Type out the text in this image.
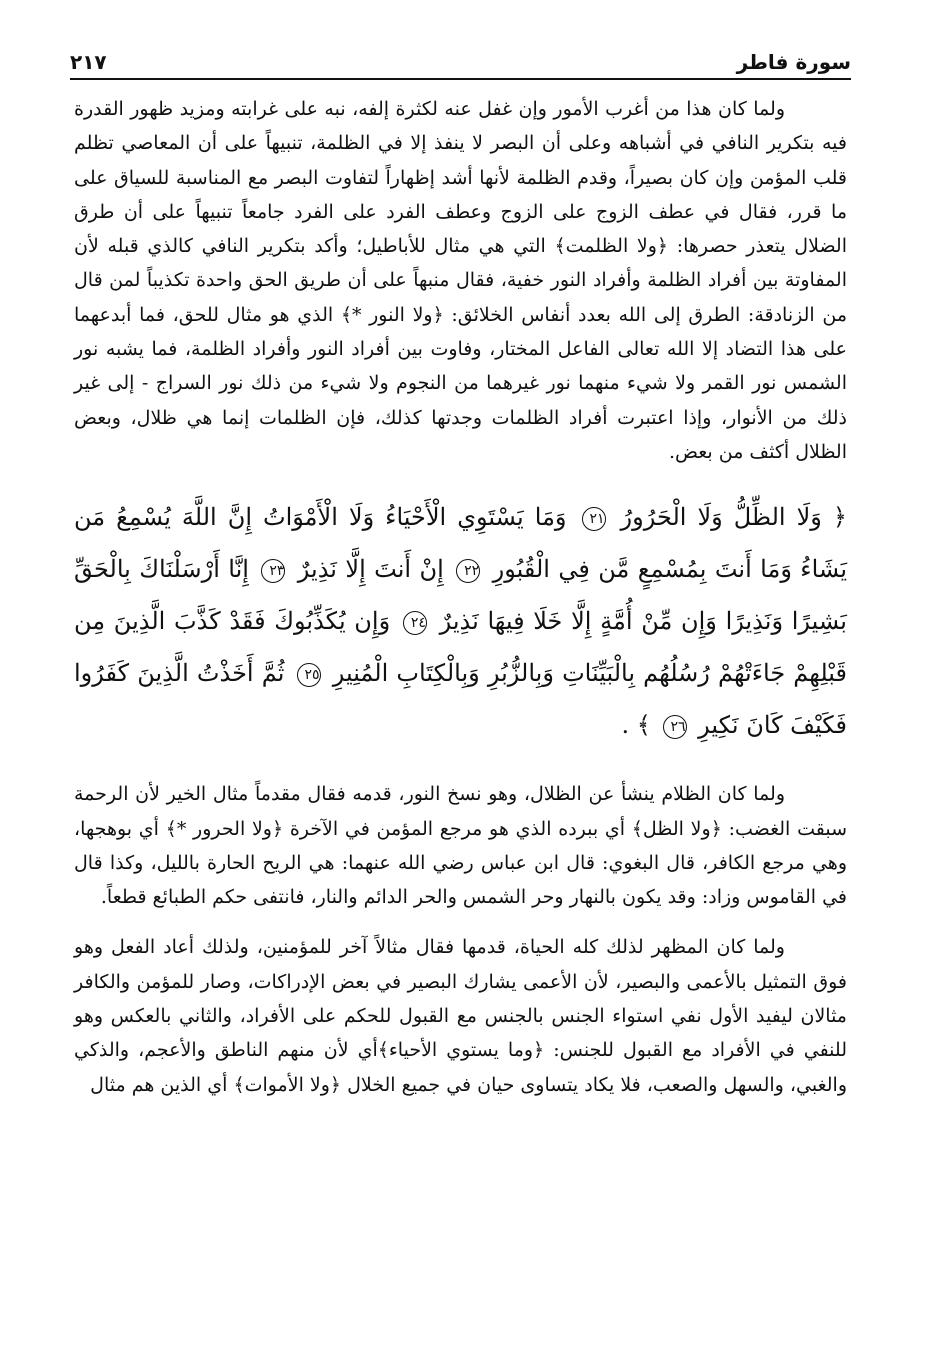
سورة فاطر
٢١٧

ولما كان هذا من أغرب الأمور وإن غفل عنه لكثرة إلفه، نبه على غرابته ومزيد ظهور القدرة فيه بتكرير النافي في أشباهه وعلى أن البصر لا ينفذ إلا في الظلمة، تنبيهاً على أن المعاصي تظلم قلب المؤمن وإن كان بصيراً، وقدم الظلمة لأنها أشد إظهاراً لتفاوت البصر مع المناسبة للسياق على ما قرر، فقال في عطف الزوج على الزوج وعطف الفرد على الفرد جامعاً تنبيهاً على أن طرق الضلال يتعذر حصرها: ﴿ولا الظلمت﴾ التي هي مثال للأباطيل؛ وأكد بتكرير النافي كالذي قبله لأن المفاوتة بين أفراد الظلمة وأفراد النور خفية، فقال منبهاً على أن طريق الحق واحدة تكذيباً لمن قال من الزنادقة: الطرق إلى الله بعدد أنفاس الخلائق: ﴿ولا النور *﴾ الذي هو مثال للحق، فما أبدعهما على هذا التضاد إلا الله تعالى الفاعل المختار، وفاوت بين أفراد النور وأفراد الظلمة، فما يشبه نور الشمس نور القمر ولا شيء منهما نور غيرهما من النجوم ولا شيء من ذلك نور السراج - إلى غير ذلك من الأنوار، وإذا اعتبرت أفراد الظلمات وجدتها كذلك، فإن الظلمات إنما هي ظلال، وبعض الظلال أكثف من بعض.

﴿ وَلَا الظِّلُّ وَلَا الْحَرُورُ ٢١ وَمَا يَسْتَوِي الْأَحْيَاءُ وَلَا الْأَمْوَاتُ إِنَّ اللَّهَ يُسْمِعُ مَن يَشَاءُ وَمَا أَنتَ بِمُسْمِعٍ مَّن فِي الْقُبُورِ ٢٢ إِنْ أَنتَ إِلَّا نَذِيرٌ ٢٣ إِنَّا أَرْسَلْنَاكَ بِالْحَقِّ بَشِيرًا وَنَذِيرًا وَإِن مِّنْ أُمَّةٍ إِلَّا خَلَا فِيهَا نَذِيرٌ ٢٤ وَإِن يُكَذِّبُوكَ فَقَدْ كَذَّبَ الَّذِينَ مِن قَبْلِهِمْ جَاءَتْهُمْ رُسُلُهُم بِالْبَيِّنَاتِ وَبِالزُّبُرِ وَبِالْكِتَابِ الْمُنِيرِ ٢٥ ثُمَّ أَخَذْتُ الَّذِينَ كَفَرُوا فَكَيْفَ كَانَ نَكِيرِ ٢٦ ﴾ .

ولما كان الظلام ينشأ عن الظلال، وهو نسخ النور، قدمه فقال مقدماً مثال الخير لأن الرحمة سبقت الغضب: ﴿ولا الظل﴾ أي ببرده الذي هو مرجع المؤمن في الآخرة ﴿ولا الحرور *﴾ أي بوهجها، وهي مرجع الكافر، قال البغوي: قال ابن عباس رضي الله عنهما: هي الريح الحارة بالليل، وكذا قال في القاموس وزاد: وقد يكون بالنهار وحر الشمس والحر الدائم والنار، فانتفى حكم الطبائع قطعاً.

ولما كان المظهر لذلك كله الحياة، قدمها فقال مثالاً آخر للمؤمنين، ولذلك أعاد الفعل وهو فوق التمثيل بالأعمى والبصير، لأن الأعمى يشارك البصير في بعض الإدراكات، وصار للمؤمن والكافر مثالان ليفيد الأول نفي استواء الجنس بالجنس مع القبول للحكم على الأفراد، والثاني بالعكس وهو للنفي في الأفراد مع القبول للجنس: ﴿وما يستوي الأحياء﴾أي لأن منهم الناطق والأعجم، والذكي والغبي، والسهل والصعب، فلا يكاد يتساوى حيان في جميع الخلال ﴿ولا الأموات﴾ أي الذين هم مثال
